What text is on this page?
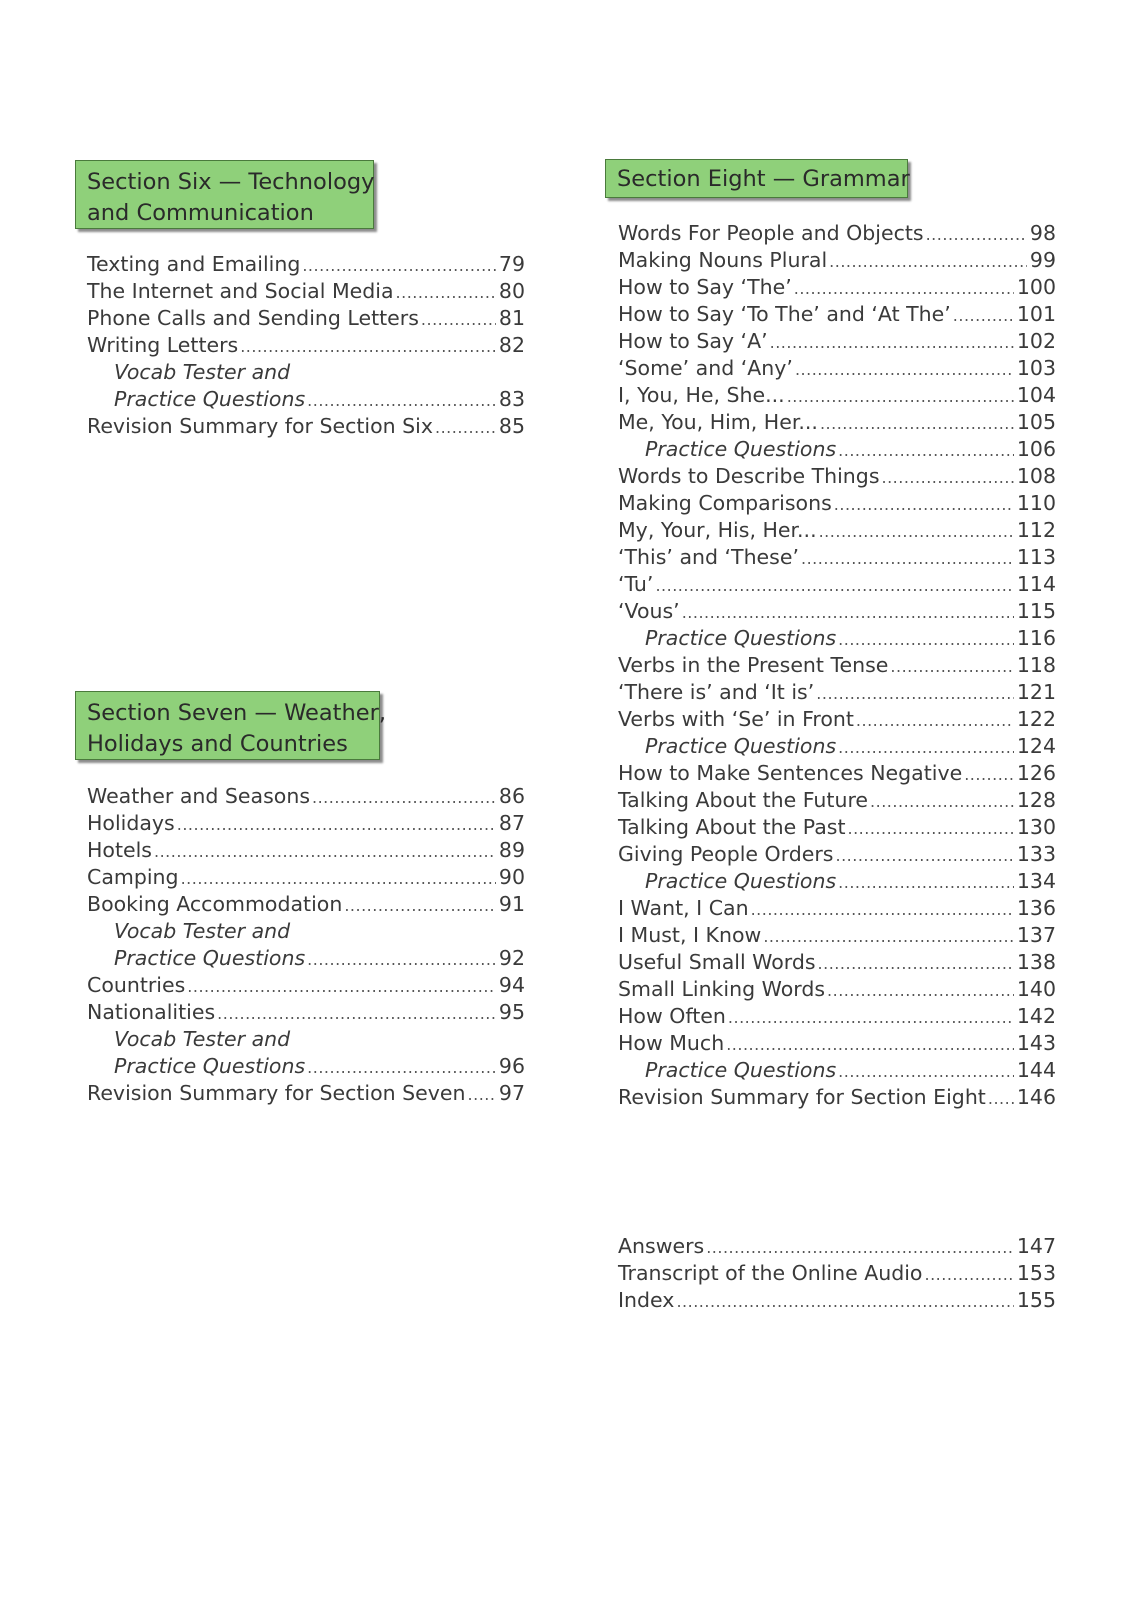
Section Six — Technology
and Communication
Texting and Emailing .....	79
The Internet and Social Media .....	80
Phone Calls and Sending Letters .....	81
Writing Letters .....	82
Vocab Tester and
Practice Questions .....	83
Revision Summary for Section Six .....	85
Section Seven — Weather,
Holidays and Countries
Weather and Seasons .....	86
Holidays .....	87
Hotels .....	89
Camping .....	90
Booking Accommodation .....	91
Vocab Tester and
Practice Questions .....	92
Countries .....	94
Nationalities .....	95
Vocab Tester and
Practice Questions .....	96
Revision Summary for Section Seven ..... 97
Section Eight — Grammar
Words For People and Objects .....	98
Making Nouns Plural .....	99
How to Say ‘The’ .....	100
How to Say ‘To The’ and ‘At The’ .....	101
How to Say ‘A’ .....	102
‘Some’ and ‘Any’ .....	103
I, You, He, She... .....	104
Me, You, Him, Her... .....	105
Practice Questions .....	106
Words to Describe Things .....	108
Making Comparisons .....	110
My, Your, His, Her... .....	112
‘This’ and ‘These’ .....	113
‘Tu’ .....	114
‘Vous’ .....	115
Practice Questions .....	116
Verbs in the Present Tense .....	118
‘There is’ and ‘It is’ .....	121
Verbs with ‘Se’ in Front .....	122
Practice Questions .....	124
How to Make Sentences Negative .....	126
Talking About the Future .....	128
Talking About the Past .....	130
Giving People Orders .....	133
Practice Questions .....	134
I Want, I Can .....	136
I Must, I Know .....	137
Useful Small Words .....	138
Small Linking Words .....	140
How Often .....	142
How Much .....	143
Practice Questions .....	144
Revision Summary for Section Eight ..... 146
Answers .....	147
Transcript of the Online Audio .....	153
Index .....	155
